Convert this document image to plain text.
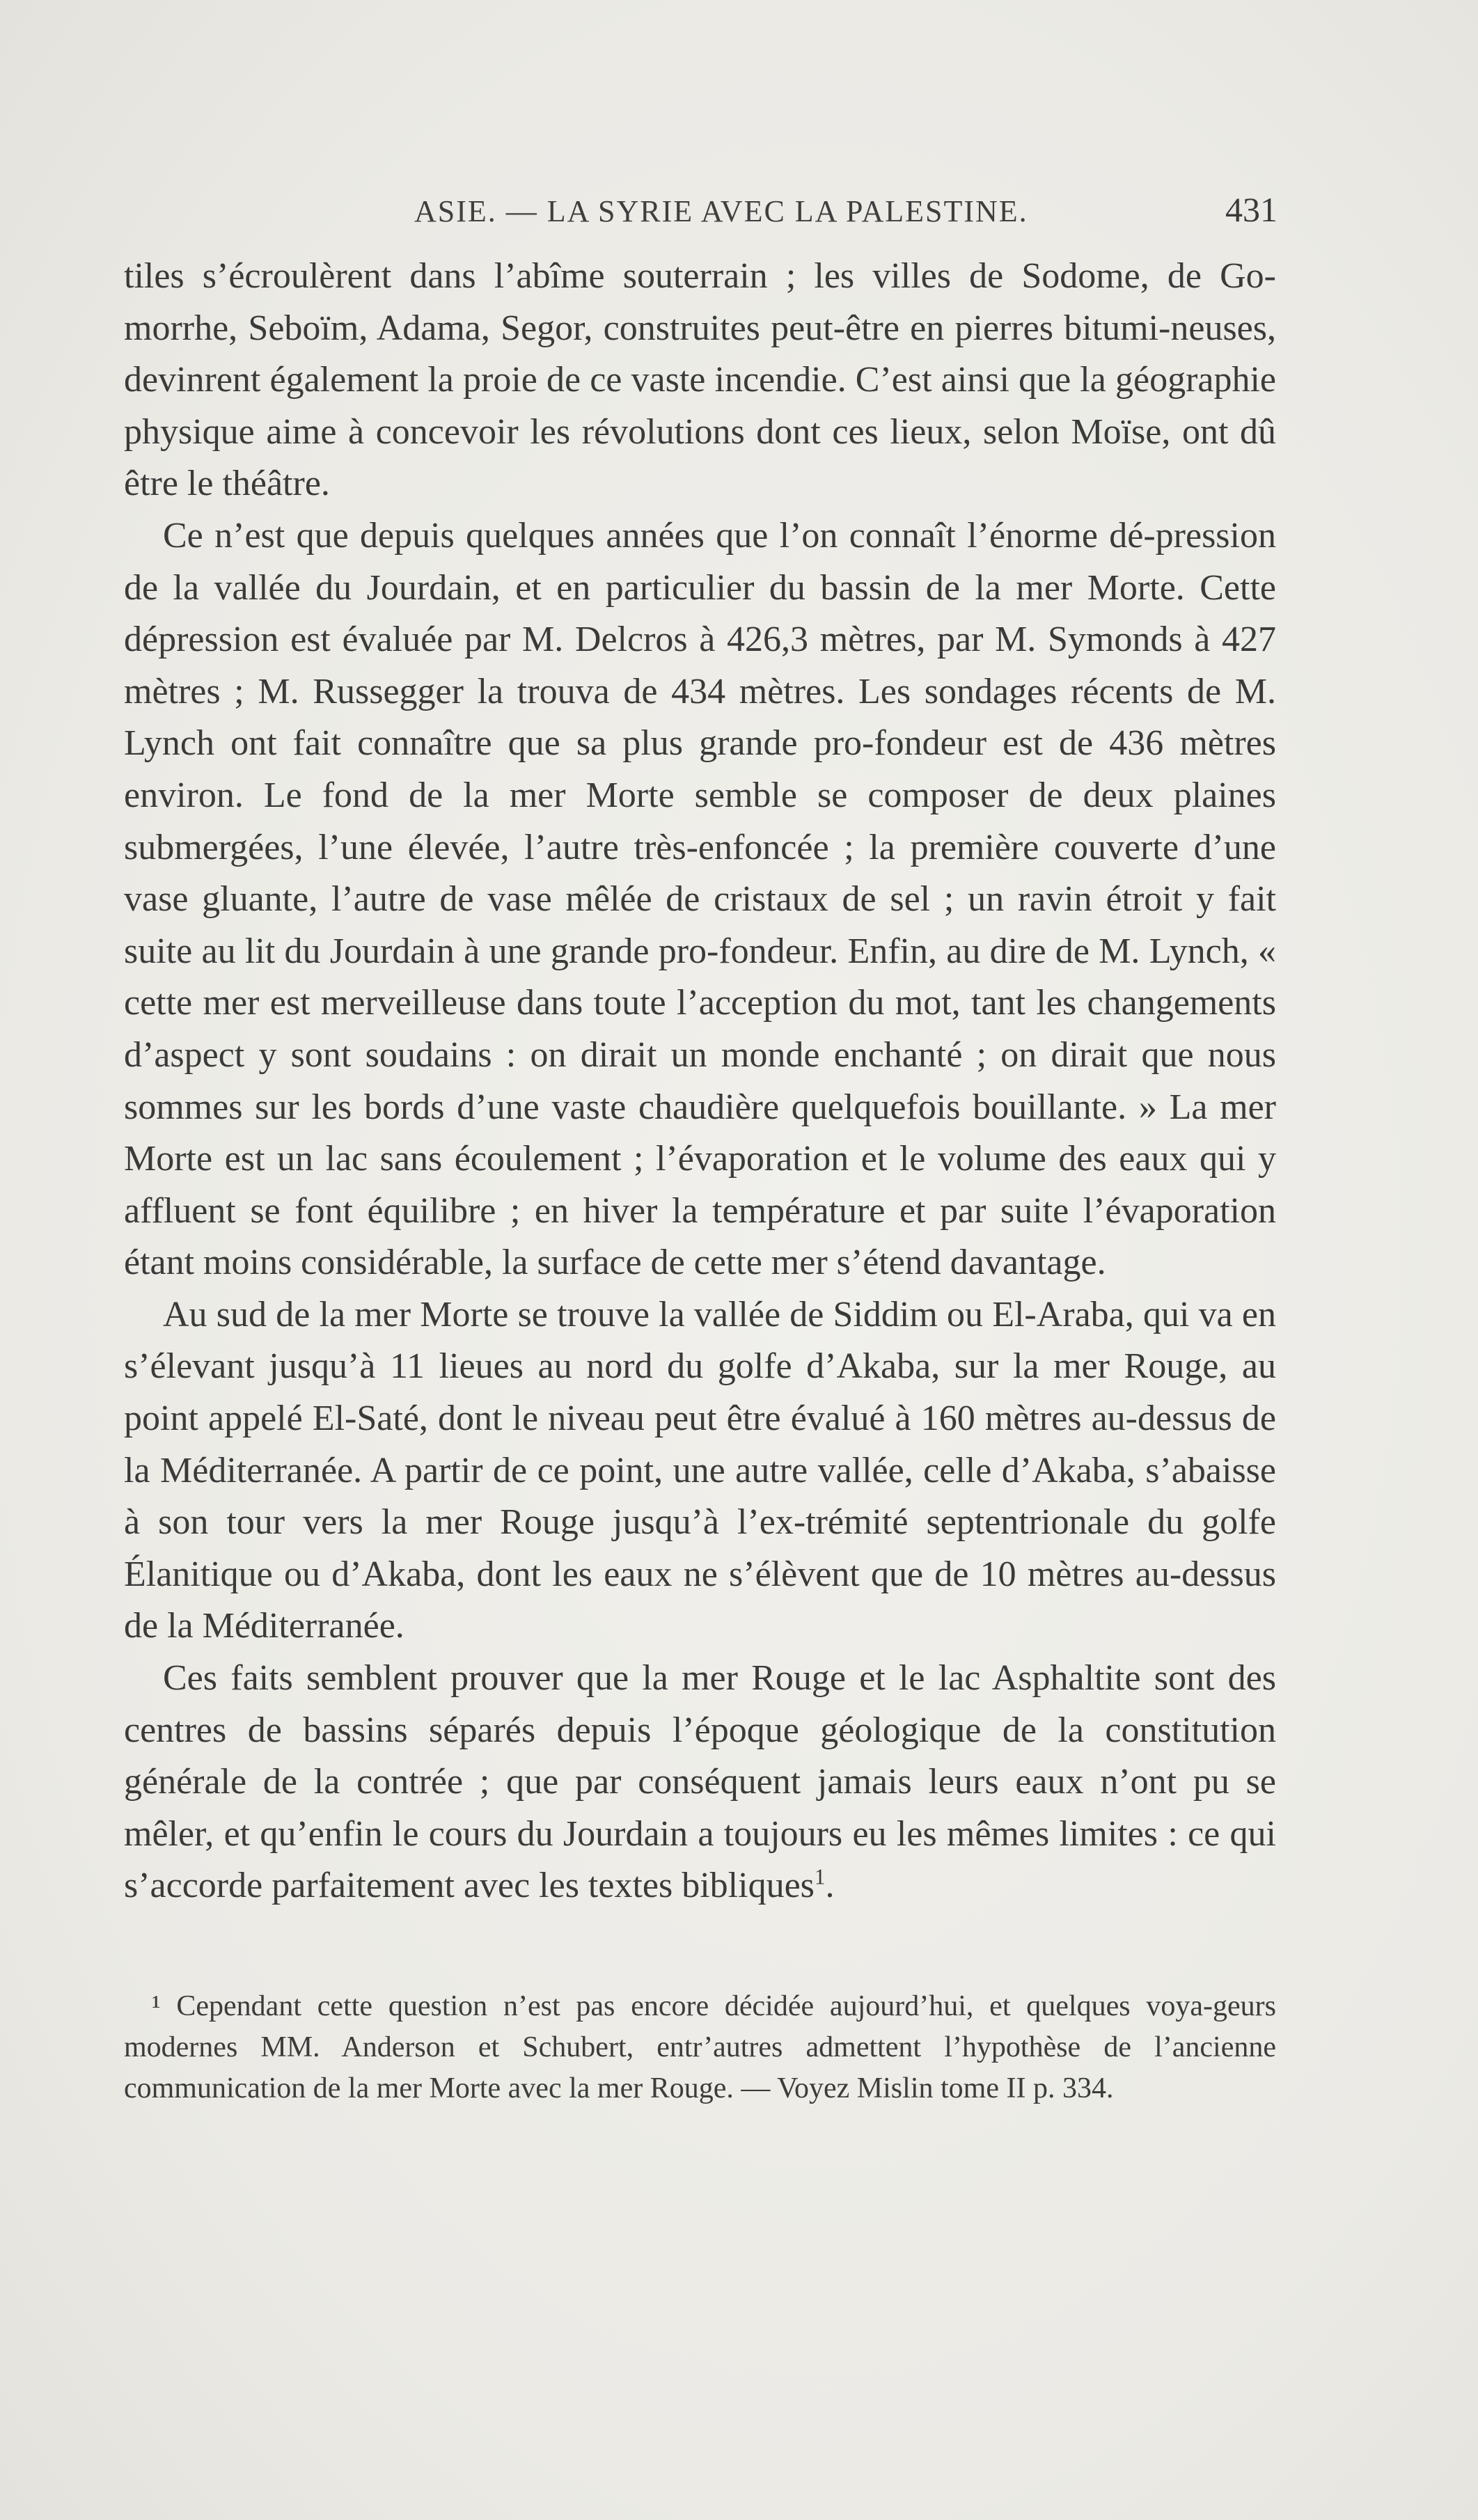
ASIE. — LA SYRIE AVEC LA PALESTINE.	431

tiles s’écroulèrent dans l’abîme souterrain ; les villes de Sodome, de Go-morrhe, Seboïm, Adama, Segor, construites peut-être en pierres bitumi-neuses, devinrent également la proie de ce vaste incendie. C’est ainsi que la géographie physique aime à concevoir les révolutions dont ces lieux, selon Moïse, ont dû être le théâtre.

Ce n’est que depuis quelques années que l’on connaît l’énorme dé-pression de la vallée du Jourdain, et en particulier du bassin de la mer Morte. Cette dépression est évaluée par M. Delcros à 426,3 mètres, par M. Symonds à 427 mètres ; M. Russegger la trouva de 434 mètres. Les sondages récents de M. Lynch ont fait connaître que sa plus grande pro-fondeur est de 436 mètres environ. Le fond de la mer Morte semble se composer de deux plaines submergées, l’une élevée, l’autre très-enfoncée ; la première couverte d’une vase gluante, l’autre de vase mêlée de cristaux de sel ; un ravin étroit y fait suite au lit du Jourdain à une grande pro-fondeur. Enfin, au dire de M. Lynch, « cette mer est merveilleuse dans toute l’acception du mot, tant les changements d’aspect y sont soudains : on dirait un monde enchanté ; on dirait que nous sommes sur les bords d’une vaste chaudière quelquefois bouillante. » La mer Morte est un lac sans écoulement ; l’évaporation et le volume des eaux qui y affluent se font équilibre ; en hiver la température et par suite l’évaporation étant moins considérable, la surface de cette mer s’étend davantage.

Au sud de la mer Morte se trouve la vallée de Siddim ou El-Araba, qui va en s’élevant jusqu’à 11 lieues au nord du golfe d’Akaba, sur la mer Rouge, au point appelé El-Saté, dont le niveau peut être évalué à 160 mètres au-dessus de la Méditerranée. A partir de ce point, une autre vallée, celle d’Akaba, s’abaisse à son tour vers la mer Rouge jusqu’à l’ex-trémité septentrionale du golfe Élanitique ou d’Akaba, dont les eaux ne s’élèvent que de 10 mètres au-dessus de la Méditerranée.

Ces faits semblent prouver que la mer Rouge et le lac Asphaltite sont des centres de bassins séparés depuis l’époque géologique de la constitution générale de la contrée ; que par conséquent jamais leurs eaux n’ont pu se mêler, et qu’enfin le cours du Jourdain a toujours eu les mêmes limites : ce qui s’accorde parfaitement avec les textes bibliques$^1$.

¹ Cependant cette question n’est pas encore décidée aujourd’hui, et quelques voya-geurs modernes MM. Anderson et Schubert, entr’autres admettent l’hypothèse de l’ancienne communication de la mer Morte avec la mer Rouge. — Voyez Mislin tome II p. 334.
